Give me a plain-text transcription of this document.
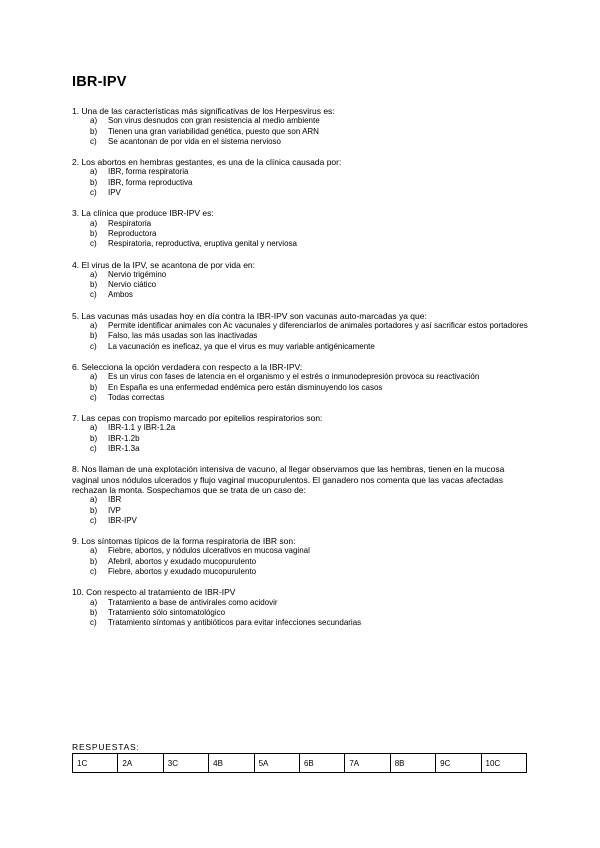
IBR-IPV
1. Una de las características más significativas de los Herpesvirus es:
a)	Son virus desnudos con gran resistencia al medio ambiente
b)	Tienen una gran variabilidad genética, puesto que son ARN
c)	Se acantonan de por vida en el sistema nervioso
2. Los abortos en hembras gestantes, es una de la clínica causada por:
a)	IBR, forma respiratoria
b)	IBR, forma reproductiva
c)	IPV
3. La clínica que produce IBR-IPV es:
a)	Respiratoria
b)	Reproductora
c)	Respiratoria, reproductiva, eruptiva genital y nerviosa
4. El virus de la IPV, se acantona de por vida en:
a)	Nervio trigémino
b)	Nervio ciático
c)	Ambos
5. Las vacunas más usadas hoy en día contra la IBR-IPV son vacunas auto-marcadas ya que:
a)	Permite identificar animales con Ac vacunales y diferenciarlos de animales portadores y así sacrificar estos portadores
b)	Falso, las más usadas son las inactivadas
c)	La vacunación es ineficaz, ya que el virus es muy variable antigénicamente
6. Selecciona la opción verdadera con respecto a la IBR-IPV:
a)	Es un virus con fases de latencia en el organismo y el estrés o inmunodepresión provoca su reactivación
b)	En España es una enfermedad endémica pero están disminuyendo los casos
c)	Todas correctas
7. Las cepas con tropismo marcado por epitelios respiratorios son:
a)	IBR-1.1 y IBR-1.2a
b)	IBR-1.2b
c)	IBR-1.3a
8. Nos llaman de una explotación intensiva de vacuno, al llegar observamos que las hembras, tienen en la mucosa vaginal unos nódulos ulcerados y flujo vaginal mucopurulentos. El ganadero nos comenta que las vacas afectadas rechazan la monta. Sospechamos que se trata de un caso de:
a)	IBR
b)	IVP
c)	IBR-IPV
9. Los síntomas típicos de la forma respiratoria de IBR son:
a)	Fiebre, abortos, y nódulos ulcerativos en mucosa vaginal
b)	Afebril, abortos y exudado mucopurulento
c)	Fiebre, abortos y exudado mucopurulento
10. Con respecto al tratamiento de IBR-IPV
a)	Tratamiento a base de antivirales como acidovir
b)	Tratamiento sólo sintomatológico
c)	Tratamiento síntomas y antibióticos para evitar infecciones secundarias
RESPUESTAS:
1C	2A	3C	4B	5A	6B	7A	8B	9C	10C
